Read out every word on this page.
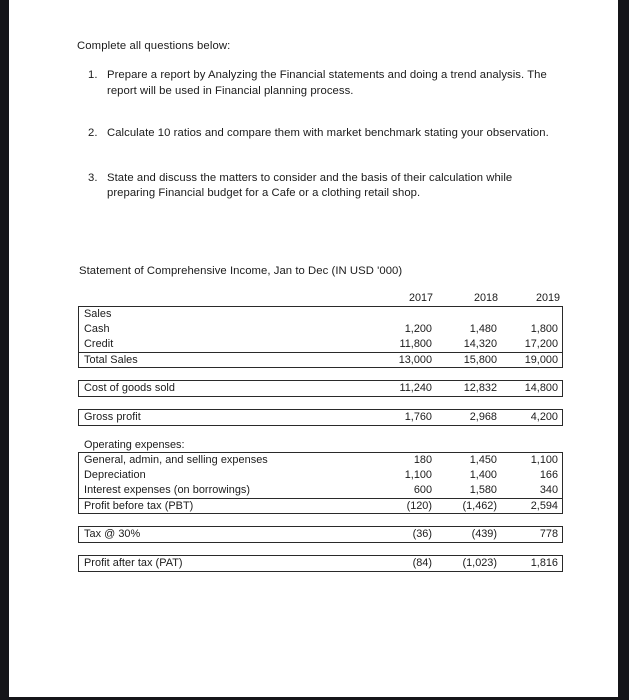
Complete all questions below:
1. Prepare a report by Analyzing the Financial statements and doing a trend analysis. The report will be used in Financial planning process.
2. Calculate 10 ratios and compare them with market benchmark stating your observation.
3. State and discuss the matters to consider and the basis of their calculation while preparing Financial budget for a Cafe or a clothing retail shop.
Statement of Comprehensive Income, Jan to Dec (IN USD '000)
2017	2018	2019
Sales
Cash	1,200	1,480	1,800
Credit	11,800	14,320	17,200
Total Sales	13,000	15,800	19,000
Cost of goods sold	11,240	12,832	14,800
Gross profit	1,760	2,968	4,200
Operating expenses:
General, admin, and selling expenses	180	1,450	1,100
Depreciation	1,100	1,400	166
Interest expenses (on borrowings)	600	1,580	340
Profit before tax (PBT)	(120)	(1,462)	2,594
Tax @ 30%	(36)	(439)	778
Profit after tax (PAT)	(84)	(1,023)	1,816
